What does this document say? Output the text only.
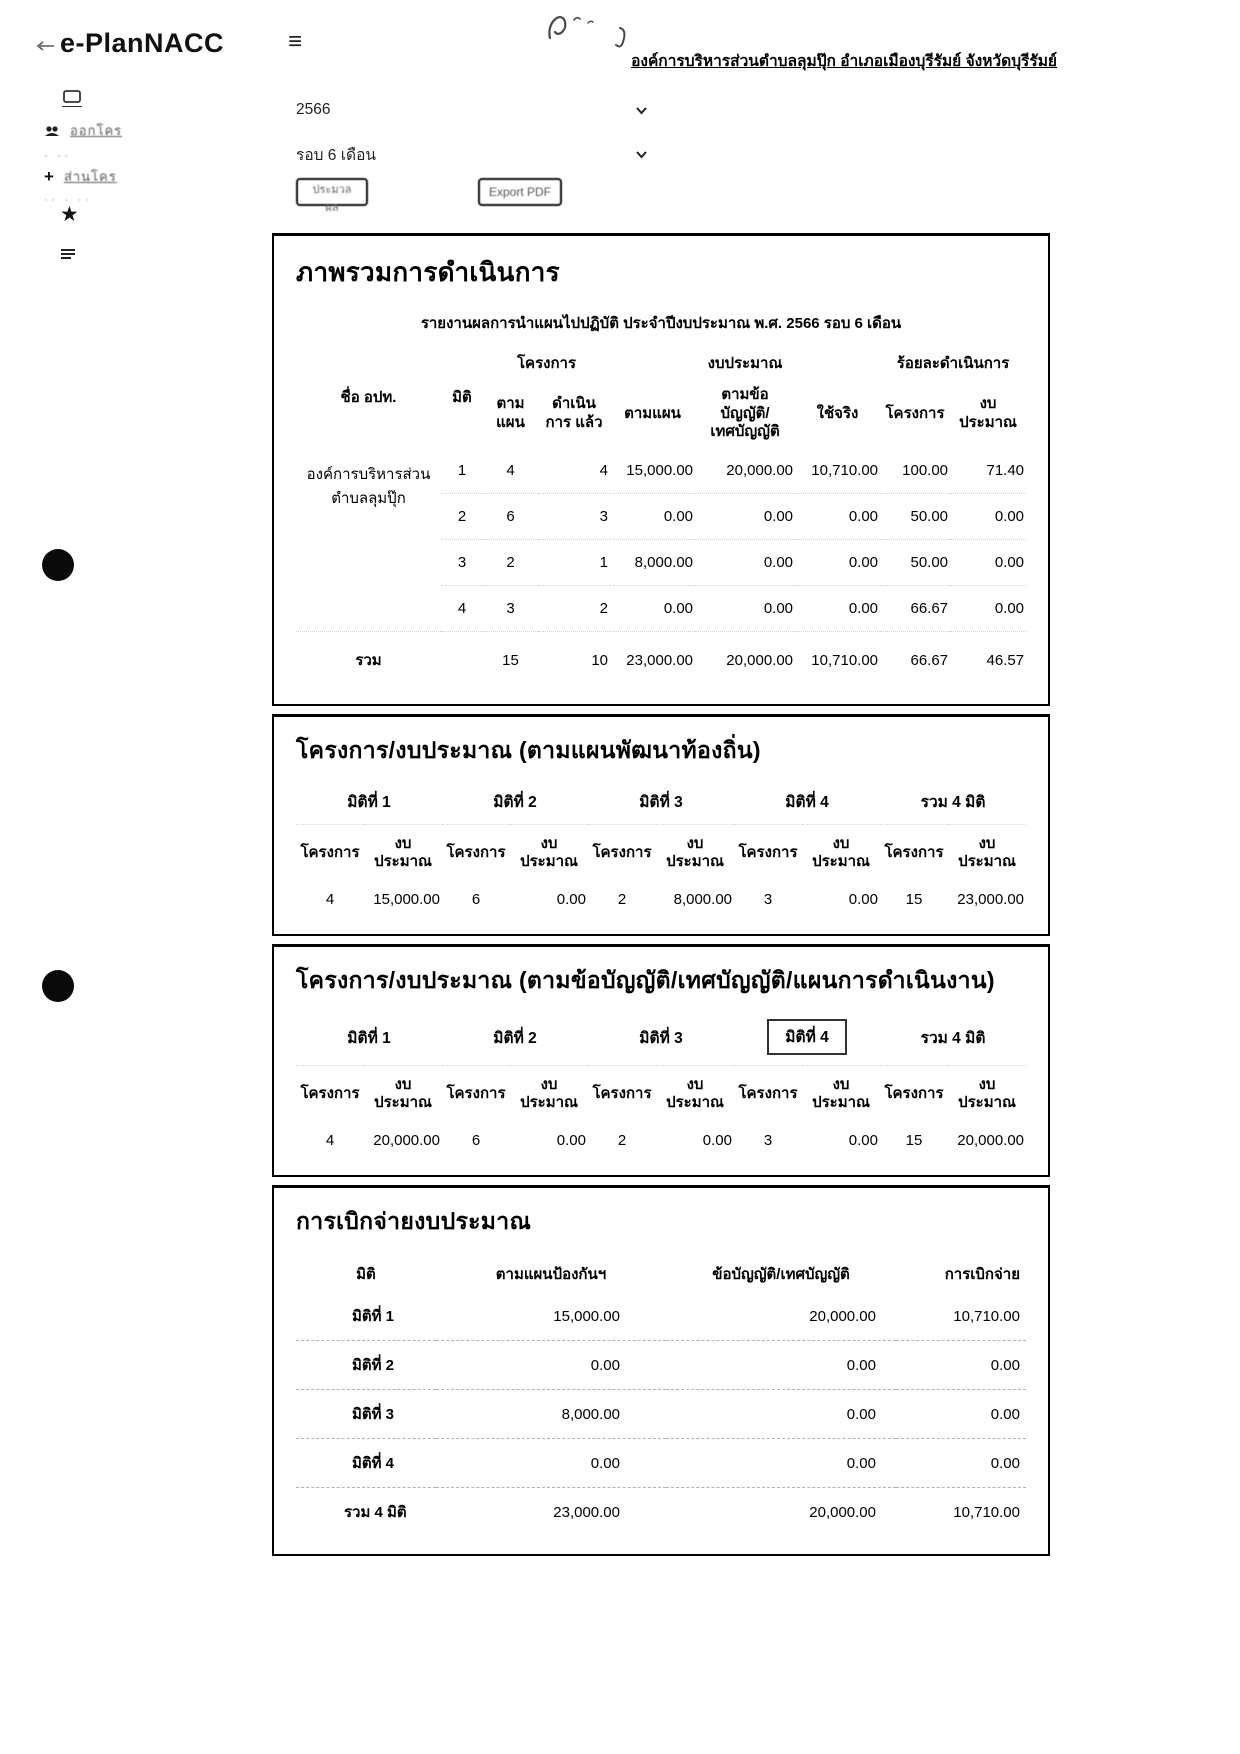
e-PlanNACC	≡
องค์การบริหารส่วนตำบลลุมปุ๊ก อำเภอเมืองบุรีรัมย์ จังหวัดบุรีรัมย์
ออกโคร
· ··
+ ส่านโคร
·· · ··
★
2566
รอบ 6 เดือน
ประมวลผล
Export PDF
ภาพรวมการดำเนินการ
รายงานผลการนำแผนไปปฏิบัติ ประจำปีงบประมาณ พ.ศ. 2566 รอบ 6 เดือน
ชื่อ อปท.	มิติ	โครงการ		งบประมาณ			ร้อยละดำเนินการ	
		ตาม แผน	ดำเนินการ แล้ว	ตามแผน	ตามข้อ บัญญัติ/ เทศบัญญัติ	ใช้จริง	โครงการ	งบ ประมาณ
องค์การบริหารส่วน ตำบลลุมปุ๊ก	1	4	4	15,000.00	20,000.00	10,710.00	100.00	71.40
	2	6	3	0.00	0.00	0.00	50.00	0.00
	3	2	1	8,000.00	0.00	0.00	50.00	0.00
	4	3	2	0.00	0.00	0.00	66.67	0.00
รวม		15	10	23,000.00	20,000.00	10,710.00	66.67	46.57
โครงการ/งบประมาณ (ตามแผนพัฒนาท้องถิ่น)
มิติที่ 1		มิติที่ 2		มิติที่ 3		มิติที่ 4		รวม 4 มิติ	
โครงการ	งบ ประมาณ	โครงการ	งบ ประมาณ	โครงการ	งบ ประมาณ	โครงการ	งบ ประมาณ	โครงการ	งบ ประมาณ
4	15,000.00	6	0.00	2	8,000.00	3	0.00	15	23,000.00
โครงการ/งบประมาณ (ตามข้อบัญญัติ/เทศบัญญัติ/แผนการดำเนินงาน)
มิติที่ 1		มิติที่ 2		มิติที่ 3		มิติที่ 4		รวม 4 มิติ	
โครงการ	งบ ประมาณ	โครงการ	งบ ประมาณ	โครงการ	งบ ประมาณ	โครงการ	งบ ประมาณ	โครงการ	งบ ประมาณ
4	20,000.00	6	0.00	2	0.00	3	0.00	15	20,000.00
การเบิกจ่ายงบประมาณ
มิติ	ตามแผนป้องกันฯ	ข้อบัญญัติ/เทศบัญญัติ	การเบิกจ่าย
มิติที่ 1	15,000.00	20,000.00	10,710.00
มิติที่ 2	0.00	0.00	0.00
มิติที่ 3	8,000.00	0.00	0.00
มิติที่ 4	0.00	0.00	0.00
รวม 4 มิติ	23,000.00	20,000.00	10,710.00
